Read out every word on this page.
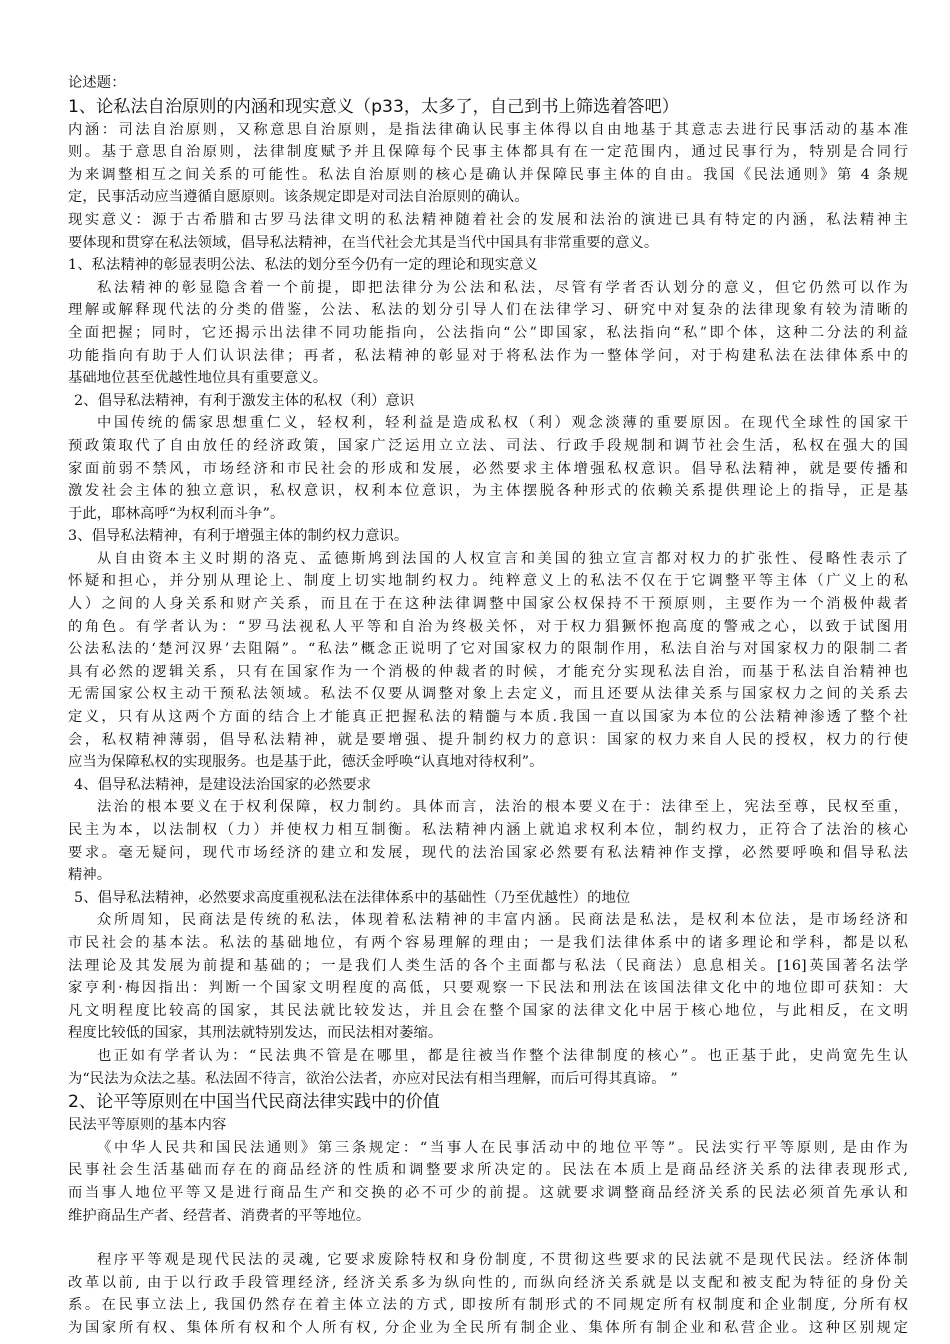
论述题：
1、论私法自治原则的内涵和现实意义（p33，太多了，自己到书上筛选着答吧）
内涵：司法自治原则，又称意思自治原则，是指法律确认民事主体得以自由地基于其意志去进行民事活动的基本准
则。基于意思自治原则，法律制度赋予并且保障每个民事主体都具有在一定范围内，通过民事行为，特别是合同行
为来调整相互之间关系的可能性。私法自治原则的核心是确认并保障民事主体的自由。我国《民法通则》第 4 条规
定，民事活动应当遵循自愿原则。该条规定即是对司法自治原则的确认。
现实意义：源于古希腊和古罗马法律文明的私法精神随着社会的发展和法治的演进已具有特定的内涵，私法精神主
要体现和贯穿在私法领域，倡导私法精神，在当代社会尤其是当代中国具有非常重要的意义。
1、私法精神的彰显表明公法、私法的划分至今仍有一定的理论和现实意义
私法精神的彰显隐含着一个前提，即把法律分为公法和私法，尽管有学者否认划分的意义，但它仍然可以作为
理解或解释现代法的分类的借鉴，公法、私法的划分引导人们在法律学习、研究中对复杂的法律现象有较为清晰的
全面把握；同时，它还揭示出法律不同功能指向，公法指向“公”即国家，私法指向“私”即个体，这种二分法的利益
功能指向有助于人们认识法律；再者，私法精神的彰显对于将私法作为一整体学问，对于构建私法在法律体系中的
基础地位甚至优越性地位具有重要意义。
2、倡导私法精神，有利于激发主体的私权（利）意识
中国传统的儒家思想重仁义，轻权利，轻利益是造成私权（利）观念淡薄的重要原因。在现代全球性的国家干
预政策取代了自由放任的经济政策，国家广泛运用立立法、司法、行政手段规制和调节社会生活，私权在强大的国
家面前弱不禁风，市场经济和市民社会的形成和发展，必然要求主体增强私权意识。倡导私法精神，就是要传播和
激发社会主体的独立意识，私权意识，权利本位意识，为主体摆脱各种形式的依赖关系提供理论上的指导，正是基
于此，耶林高呼“为权利而斗争”。
3、倡导私法精神，有利于增强主体的制约权力意识。
从自由资本主义时期的洛克、孟德斯鸠到法国的人权宣言和美国的独立宣言都对权力的扩张性、侵略性表示了
怀疑和担心，并分别从理论上、制度上切实地制约权力。纯粹意义上的私法不仅在于它调整平等主体（广义上的私
人）之间的人身关系和财产关系，而且在于在这种法律调整中国家公权保持不干预原则，主要作为一个消极仲裁者
的角色。有学者认为：“罗马法视私人平等和自治为终极关怀，对于权力猖獗怀抱高度的警戒之心，以致于试图用
公法私法的‘楚河汉界’去阻隔”。“私法”概念正说明了它对国家权力的限制作用，私法自治与对国家权力的限制二者
具有必然的逻辑关系，只有在国家作为一个消极的仲裁者的时候，才能充分实现私法自治，而基于私法自治精神也
无需国家公权主动干预私法领域。私法不仅要从调整对象上去定义，而且还要从法律关系与国家权力之间的关系去
定义，只有从这两个方面的结合上才能真正把握私法的精髓与本质.我国一直以国家为本位的公法精神渗透了整个社
会，私权精神薄弱，倡导私法精神，就是要增强、提升制约权力的意识：国家的权力来自人民的授权，权力的行使
应当为保障私权的实现服务。也是基于此，德沃金呼唤“认真地对待权利”。
4、倡导私法精神，是建设法治国家的必然要求
法治的根本要义在于权利保障，权力制约。具体而言，法治的根本要义在于：法律至上，宪法至尊，民权至重，
民主为本，以法制权（力）并使权力相互制衡。私法精神内涵上就追求权利本位，制约权力，正符合了法治的核心
要求。毫无疑问，现代市场经济的建立和发展，现代的法治国家必然要有私法精神作支撑，必然要呼唤和倡导私法
精神。
5、倡导私法精神，必然要求高度重视私法在法律体系中的基础性（乃至优越性）的地位
众所周知，民商法是传统的私法，体现着私法精神的丰富内涵。民商法是私法，是权利本位法，是市场经济和
市民社会的基本法。私法的基础地位，有两个容易理解的理由；一是我们法律体系中的诸多理论和学科，都是以私
法理论及其发展为前提和基础的；一是我们人类生活的各个主面都与私法（民商法）息息相关。[16]英国著名法学
家亨利·梅因指出：判断一个国家文明程度的高低，只要观察一下民法和刑法在该国法律文化中的地位即可获知：大
凡文明程度比较高的国家，其民法就比较发达，并且会在整个国家的法律文化中居于核心地位，与此相反，在文明
程度比较低的国家，其刑法就特别发达，而民法相对萎缩。
也正如有学者认为：“民法典不管是在哪里，都是往被当作整个法律制度的核心”。也正基于此，史尚宽先生认
为“民法为众法之基。私法固不待言，欲治公法者，亦应对民法有相当理解，而后可得其真谛。 ”
2、论平等原则在中国当代民商法律实践中的价值
民法平等原则的基本内容
《中华人民共和国民法通则》第三条规定：“当事人在民事活动中的地位平等”。民法实行平等原则, 是由作为
民事社会生活基础而存在的商品经济的性质和调整要求所决定的。民法在本质上是商品经济关系的法律表现形式,
而当事人地位平等又是进行商品生产和交换的必不可少的前提。这就要求调整商品经济关系的民法必须首先承认和
维护商品生产者、经营者、消费者的平等地位。
程序平等观是现代民法的灵魂, 它要求废除特权和身份制度, 不贯彻这些要求的民法就不是现代民法。经济体制
改革以前, 由于以行政手段管理经济, 经济关系多为纵向性的, 而纵向经济关系就是以支配和被支配为特征的身份关
系。在民事立法上, 我国仍然存在着主体立法的方式, 即按所有制形式的不同规定所有权制度和企业制度, 分所有权
为国家所有权、集体所有权和个人所有权, 分企业为全民所有制企业、集体所有制企业和私营企业。这种区别规定
